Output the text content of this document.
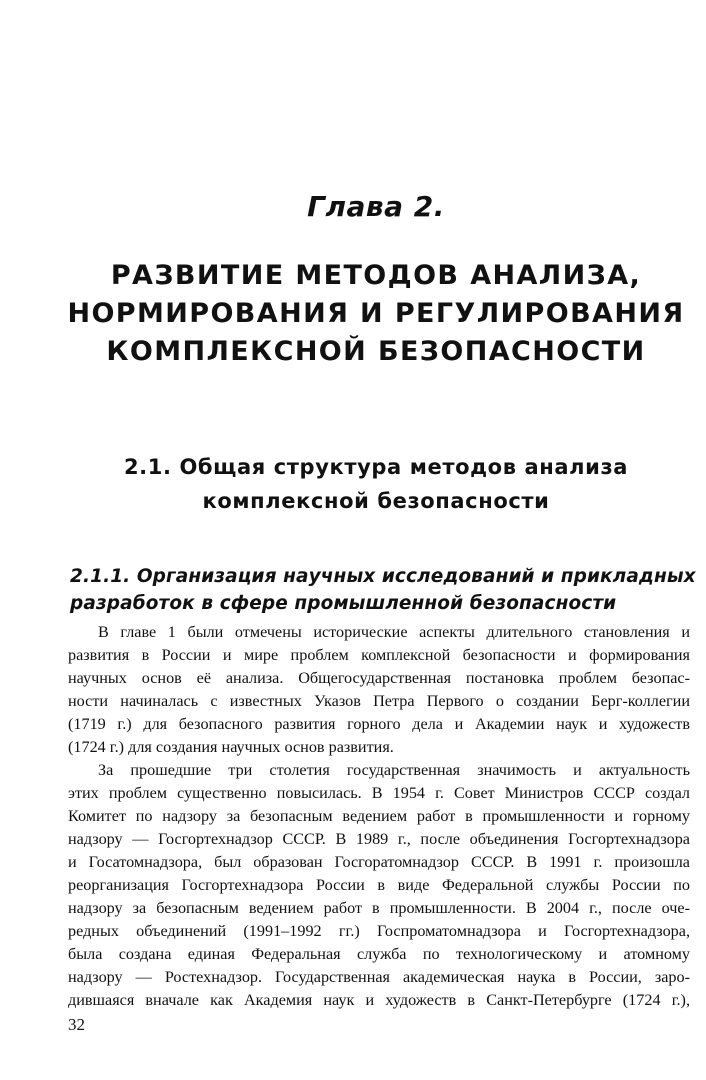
Глава 2.
РАЗВИТИЕ МЕТОДОВ АНАЛИЗА,
НОРМИРОВАНИЯ И РЕГУЛИРОВАНИЯ
КОМПЛЕКСНОЙ БЕЗОПАСНОСТИ
2.1. Общая структура методов анализа
комплексной безопасности
2.1.1. Организация научных исследований и прикладных
разработок в сфере промышленной безопасности
В главе 1 были отмечены исторические аспекты длительного становления и
развития в России и мире проблем комплексной безопасности и формирования
научных основ её анализа. Общегосударственная постановка проблем безопас-
ности начиналась с известных Указов Петра Первого о создании Берг-коллегии
(1719 г.) для безопасного развития горного дела и Академии наук и художеств
(1724 г.) для создания научных основ развития.
За прошедшие три столетия государственная значимость и актуальность
этих проблем существенно повысилась. В 1954 г. Совет Министров СССР создал
Комитет по надзору за безопасным ведением работ в промышленности и горному
надзору — Госгортехнадзор СССР. В 1989 г., после объединения Госгортехнадзора
и Госатомнадзора, был образован Госгоратомнадзор СССР. В 1991 г. произошла
реорганизация Госгортехнадзора России в виде Федеральной службы России по
надзору за безопасным ведением работ в промышленности. В 2004 г., после оче-
редных объединений (1991–1992 гг.) Госпроматомнадзора и Госгортехнадзора,
была создана единая Федеральная служба по технологическому и атомному
надзору — Ростехнадзор. Государственная академическая наука в России, заро-
дившаяся вначале как Академия наук и художеств в Санкт-Петербурге (1724 г.),
32
